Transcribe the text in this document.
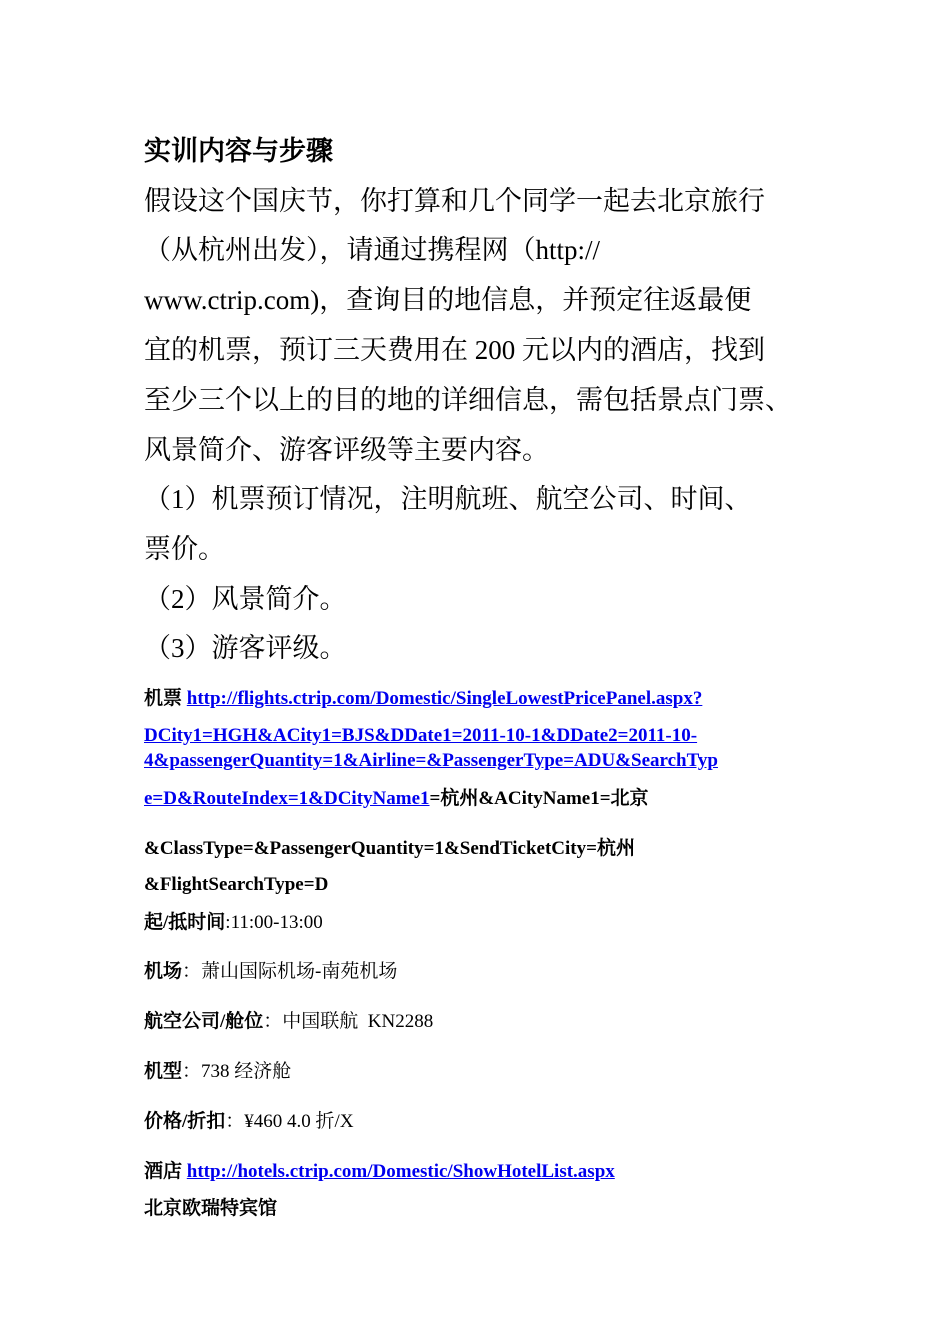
实训内容与步骤
假设这个国庆节，你打算和几个同学一起去北京旅行
（从杭州出发），请通过携程网（http://
www.ctrip.com)，查询目的地信息，并预定往返最便
宜的机票，预订三天费用在 200 元以内的酒店，找到
至少三个以上的目的地的详细信息，需包括景点门票、
风景简介、游客评级等主要内容。
（1）机票预订情况，注明航班、航空公司、时间、
票价。
（2）风景简介。
（3）游客评级。
机票 http://flights.ctrip.com/Domestic/SingleLowestPricePanel.aspx?
DCity1=HGH&ACity1=BJS&DDate1=2011-10-1&DDate2=2011-10-
4&passengerQuantity=1&Airline=&PassengerType=ADU&SearchTyp
e=D&RouteIndex=1&DCityName1=杭州&ACityName1=北京
&ClassType=&PassengerQuantity=1&SendTicketCity=杭州
&FlightSearchType=D
起/抵时间:11:00-13:00
机场：萧山国际机场-南苑机场
航空公司/舱位：中国联航  KN2288
机型：738 经济舱
价格/折扣：¥460 4.0 折/X
酒店 http://hotels.ctrip.com/Domestic/ShowHotelList.aspx
北京欧瑞特宾馆
